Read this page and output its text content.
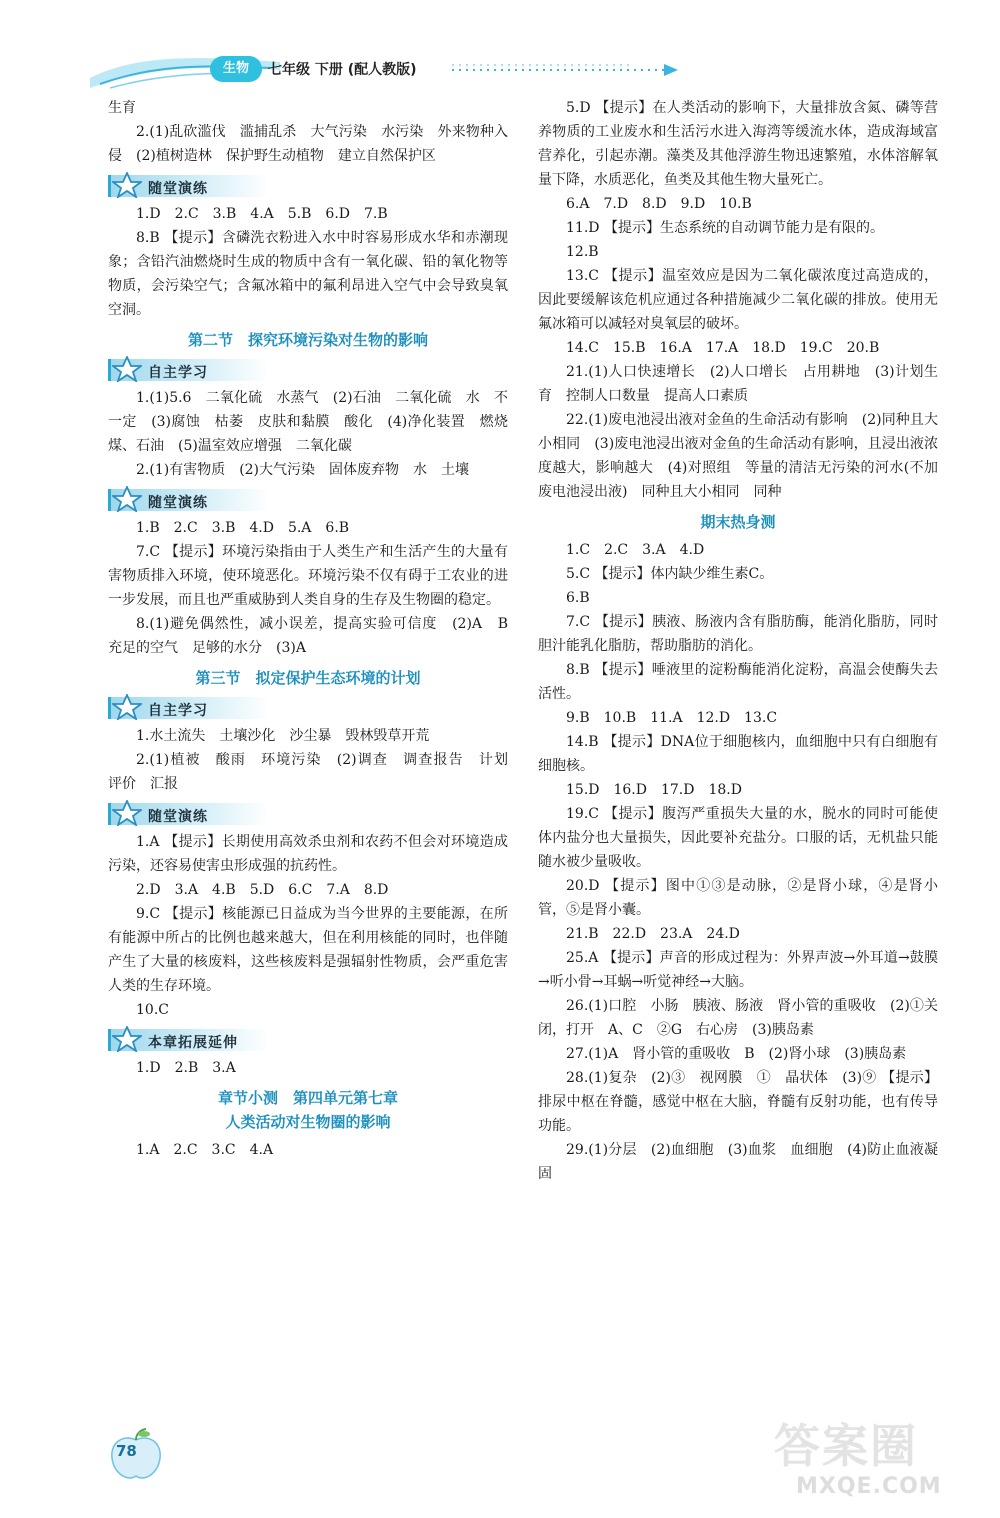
生物	七年级 下册 (配人教版)

生育

2.(1)乱砍滥伐　滥捕乱杀　大气污染　水污染　外来物种入侵　(2)植树造林　保护野生动植物　建立自然保护区

随堂演练

1.D　2.C　3.B　4.A　5.B　6.D　7.B

8.B 【提示】含磷洗衣粉进入水中时容易形成水华和赤潮现象；含铅汽油燃烧时生成的物质中含有一氧化碳、铅的氧化物等物质，会污染空气；含氟冰箱中的氟利昂进入空气中会导致臭氧空洞。

第二节　探究环境污染对生物的影响
自主学习

1.(1)5.6　二氧化硫　水蒸气　(2)石油　二氧化硫　水　不一定　(3)腐蚀　枯萎　皮肤和黏膜　酸化　(4)净化装置　燃烧煤、石油　(5)温室效应增强　二氧化碳

2.(1)有害物质　(2)大气污染　固体废弃物　水　土壤

随堂演练

1.B　2.C　3.B　4.D　5.A　6.B

7.C 【提示】环境污染指由于人类生产和生活产生的大量有害物质排入环境，使环境恶化。环境污染不仅有碍于工农业的进一步发展，而且也严重威胁到人类自身的生存及生物圈的稳定。

8.(1)避免偶然性，减小误差，提高实验可信度　(2)A　B　充足的空气　足够的水分　(3)A

第三节　拟定保护生态环境的计划
自主学习

1.水土流失　土壤沙化　沙尘暴　毁林毁草开荒

2.(1)植被　酸雨　环境污染　(2)调查　调查报告　计划　评价　汇报

随堂演练

1.A 【提示】长期使用高效杀虫剂和农药不但会对环境造成污染，还容易使害虫形成强的抗药性。

2.D　3.A　4.B　5.D　6.C　7.A　8.D

9.C 【提示】核能源已日益成为当今世界的主要能源，在所有能源中所占的比例也越来越大，但在利用核能的同时，也伴随产生了大量的核废料，这些核废料是强辐射性物质，会严重危害人类的生存环境。

10.C

本章拓展延伸

1.D　2.B　3.A

章节小测　第四单元第七章
人类活动对生物圈的影响

1.A　2.C　3.C　4.A

5.D 【提示】在人类活动的影响下，大量排放含氮、磷等营养物质的工业废水和生活污水进入海湾等缓流水体，造成海域富营养化，引起赤潮。藻类及其他浮游生物迅速繁殖，水体溶解氧量下降，水质恶化，鱼类及其他生物大量死亡。

6.A　7.D　8.D　9.D　10.B

11.D 【提示】生态系统的自动调节能力是有限的。

12.B

13.C 【提示】温室效应是因为二氧化碳浓度过高造成的，因此要缓解该危机应通过各种措施减少二氧化碳的排放。使用无氟冰箱可以减轻对臭氧层的破坏。

14.C　15.B　16.A　17.A　18.D　19.C　20.B

21.(1)人口快速增长　(2)人口增长　占用耕地　(3)计划生育　控制人口数量　提高人口素质

22.(1)废电池浸出液对金鱼的生命活动有影响　(2)同种且大小相同　(3)废电池浸出液对金鱼的生命活动有影响，且浸出液浓度越大，影响越大　(4)对照组　等量的清洁无污染的河水(不加废电池浸出液)　同种且大小相同　同种

期末热身测

1.C　2.C　3.A　4.D

5.C 【提示】体内缺少维生素C。

6.B

7.C 【提示】胰液、肠液内含有脂肪酶，能消化脂肪，同时胆汁能乳化脂肪，帮助脂肪的消化。

8.B 【提示】唾液里的淀粉酶能消化淀粉，高温会使酶失去活性。

9.B　10.B　11.A　12.D　13.C

14.B 【提示】DNA位于细胞核内，血细胞中只有白细胞有细胞核。

15.D　16.D　17.D　18.D

19.C 【提示】腹泻严重损失大量的水，脱水的同时可能使体内盐分也大量损失，因此要补充盐分。口服的话，无机盐只能随水被少量吸收。

20.D 【提示】图中①③是动脉，②是肾小球，④是肾小管，⑤是肾小囊。

21.B　22.D　23.A　24.D

25.A 【提示】声音的形成过程为：外界声波→外耳道→鼓膜→听小骨→耳蜗→听觉神经→大脑。

26.(1)口腔　小肠　胰液、肠液　肾小管的重吸收　(2)①关闭，打开　A、C　②G　右心房　(3)胰岛素

27.(1)A　肾小管的重吸收　B　(2)肾小球　(3)胰岛素

28.(1)复杂　(2)③　视网膜　①　晶状体　(3)⑨ 【提示】排尿中枢在脊髓，感觉中枢在大脑，脊髓有反射功能，也有传导功能。

29.(1)分层　(2)血细胞　(3)血浆　血细胞　(4)防止血液凝固

78	答案圈
MXQE.COM
